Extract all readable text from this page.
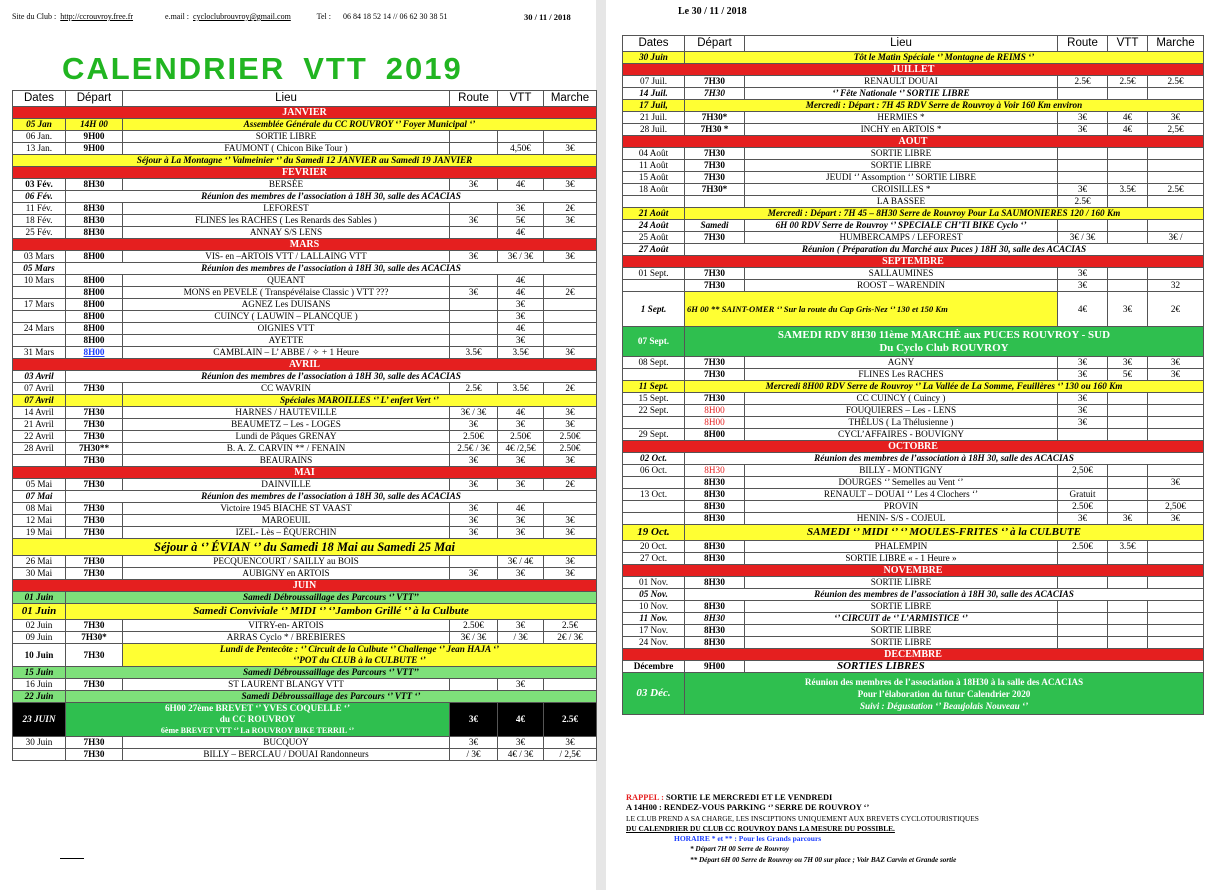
Site du Club : http://ccrouvroy.free.fr	e.mail : cycloclubrouvroy@gmail.com	Tel : 06 84 18 52 14 // 06 62 30 38 51	30 / 11 / 2018
CALENDRIER VTT 2019
Dates	Départ	Lieu	Route	VTT	Marche
JANVIER					
05 Jan	14H 00	Assemblée Générale du CC ROUVROY ‘’ Foyer Municipal ‘’			
06 Jan.	9H00	SORTIE LIBRE			
13 Jan.	9H00	FAUMONT ( Chicon Bike Tour )		4,50€	3€
Séjour à La Montagne ‘’ Valmeinier ‘’ du Samedi 12 JANVIER au Samedi 19 JANVIER					
FEVRIER					
03 Fév.	8H30	BERSÉE	3€	4€	3€
06 Fév.	Réunion des membres de l’association à 18H 30, salle des ACACIAS				
11 Fév.	8H30	LEFOREST		3€	2€
18 Fév.	8H30	FLINES les RACHES ( Les Renards des Sables )	3€	5€	3€
25 Fév.	8H30	ANNAY S/S LENS		4€	
MARS					
03 Mars	8H00	VIS- en –ARTOIS VTT / LALLAING VTT	3€	3€ / 3€	3€
05 Mars	Réunion des membres de l’association à 18H 30, salle des ACACIAS				
10 Mars	8H00	QUEANT		4€	
	8H00	MONS en PEVELE ( Transpévélaise Classic ) VTT ???	3€	4€	2€
17 Mars	8H00	AGNEZ Les DUISANS		3€	
	8H00	CUINCY ( LAUWIN – PLANCQUE )		3€	
24 Mars	8H00	OIGNIES VTT		4€	
	8H00	AYETTE		3€	
31 Mars	8H00	CAMBLAIN – L’ ABBE / ✧ + 1 Heure	3.5€	3.5€	3€
AVRIL					
03 Avril	Réunion des membres de l’association à 18H 30, salle des ACACIAS				
07 Avril	7H30	CC WAVRIN	2.5€	3.5€	2€
07 Avril		Spéciales MAROILLES ‘’ L’ enfert Vert ‘’			
14 Avril	7H30	HARNES / HAUTEVILLE	3€ / 3€	4€	3€
21 Avril	7H30	BEAUMETZ – Les - LOGES	3€	3€	3€
22 Avril	7H30	Lundi de Pâques GRENAY	2.50€	2.50€	2.50€
28 Avril	7H30**	B. A. Z. CARVIN ** / FENAIN	2.5€ / 3€	4€ /2,5€	2.50€
	7H30	BEAURAINS	3€	3€	3€
MAI					
05 Mai	7H30	DAINVILLE	3€	3€	2€
07 Mai	Réunion des membres de l’association à 18H 30, salle des ACACIAS				
08 Mai	7H30	Victoire 1945 BIACHE ST VAAST	3€	4€	
12 Mai	7H30	MAROEUIL	3€	3€	3€
19 Mai	7H30	IZEL- Lès – ÉQUERCHIN	3€	3€	3€
Séjour à ‘’ ÉVIAN ‘’ du Samedi 18 Mai au Samedi 25 Mai					
26 Mai	7H30	PECQUENCOURT / SAILLY au BOIS		3€ / 4€	3€
30 Mai	7H30	AUBIGNY en ARTOIS	3€	3€	3€
JUIN					
01 Juin	Samedi Débroussaillage des Parcours ‘’ VTT’’				
01 Juin	Samedi Conviviale ‘’ MIDI ‘’ ‘’Jambon Grillé ‘’ à la Culbute				
02 Juin	7H30	VITRY-en- ARTOIS	2.50€	3€	2.5€
09 Juin	7H30*	ARRAS Cyclo * / BREBIERES	3€ / 3€	/ 3€	2€ / 3€
10 Juin	7H30	Lundi de Pentecôte : ‘’ Circuit de la Culbute ‘’ Challenge ‘’ Jean HAJA ‘’
‘’POT du CLUB à la CULBUTE ‘’			

15 Juin	Samedi Débroussaillage des Parcours ‘’ VTT’’				
16 Juin	7H30	ST LAURENT BLANGY VTT		3€	
22 Juin	Samedi Débroussaillage des Parcours ‘’ VTT ‘’				
23 JUIN	6H00 27ème BREVET ‘’ YVES COQUELLE ‘’
du CC ROUVROY
6ème BREVET VTT ‘’ La ROUVROY BIKE TERRIL ‘’		3€	4€	2.5€
30 Juin	7H30	BUCQUOY	3€	3€	3€
	7H30	BILLY – BERCLAU / DOUAI Randonneurs	/ 3€	4€ / 3€	/ 2,5€
Le 30 / 11 / 2018
Dates	Départ	Lieu	Route	VTT	Marche
30 Juin	Tôt le Matin Spéciale ‘’ Montagne de REIMS ‘’				
JUILLET					
07 Juil.	7H30	RENAULT DOUAI	2.5€	2.5€	2.5€
14 Juil.	7H30	‘’ Fête Nationale ‘’ SORTIE LIBRE			
17 Juil,	Mercredi : Départ : 7H 45 RDV Serre de Rouvroy à Voir 160 Km environ				
21 Juil.	7H30*	HERMIES *	3€	4€	3€
28 Juil.	7H30 *	INCHY en ARTOIS *	3€	4€	2,5€
AOUT					
04 Août	7H30	SORTIE LIBRE			
11 Août	7H30	SORTIE LIBRE			
15 Août	7H30	JEUDI ‘’ Assomption ‘’ SORTIE LIBRE			
18 Août	7H30*	CROISILLES *	3€	3.5€	2.5€
		LA BASSEE	2.5€		
21 Août	Mercredi : Départ : 7H 45 – 8H30 Serre de Rouvroy Pour La SAUMONIERES 120 / 160 Km				
24 Août	Samedi	6H 00 RDV Serre de Rouvroy ‘’ SPECIALE CH’TI BIKE Cyclo ‘’			
25 Août	7H30	HUMBERCAMPS / LEFOREST	3€ / 3€		3€ /
27 Août	Réunion ( Préparation du Marché aux Puces ) 18H 30, salle des ACACIAS				
SEPTEMBRE					
01 Sept.	7H30	SALLAUMINES	3€		
	7H30	ROOST – WARENDIN	3€		32
1 Sept.	6H 00 ** SAINT-OMER ‘’ Sur la route du Cap Gris-Nez ‘’ 130 et 150 Km		4€	3€	2€
07 Sept.	SAMEDI RDV 8H30 11ème MARCHÈ aux PUCES ROUVROY - SUD
Du Cyclo Club ROUVROY				

08 Sept.	7H30	AGNY	3€	3€	3€
	7H30	FLINES Les RACHES	3€	5€	3€
11 Sept.	Mercredi 8H00 RDV Serre de Rouvroy ‘’ La Vallée de La Somme, Feuillères ‘’ 130 ou 160 Km				
15 Sept.	7H30	CC CUINCY ( Cuincy )	3€		
22 Sept.	8H00	FOUQUIERES – Les - LENS	3€		
	8H00	THÉLUS ( La Thélusienne )	3€		
29 Sept.	8H00	CYCL’AFFAIRES - BOUVIGNY			
OCTOBRE					
02 Oct.	Réunion des membres de l’association à 18H 30, salle des ACACIAS				
06 Oct.	8H30	BILLY - MONTIGNY	2,50€		
	8H30	DOURGES ‘’ Semelles au Vent ‘’			3€
13 Oct.	8H30	RENAULT – DOUAI ‘’ Les 4 Clochers ‘’	Gratuit		
	8H30	PROVIN	2.50€		2,50€
	8H30	HENIN- S/S - COJEUL	3€	3€	3€
19 Oct.	SAMEDI ‘’ MIDI ‘’ ‘’ MOULES-FRITES ‘’ à la CULBUTE				
20 Oct.	8H30	PHALEMPIN	2.50€	3.5€	
27 Oct.	8H30	SORTIE LIBRE « - 1 Heure »			
NOVEMBRE					
01 Nov.	8H30	SORTIE LIBRE			
05 Nov.	Réunion des membres de l’association à 18H 30, salle des ACACIAS				
10 Nov.	8H30	SORTIE LIBRE			
11 Nov.	8H30	‘’ CIRCUIT de ‘’ L’ARMISTICE ‘’			
17 Nov.	8H30	SORTIE LIBRE			
24 Nov.	8H30	SORTIE LIBRE			
DECEMBRE					
Décembre	9H00	SORTIES LIBRES			
03 Déc.	Réunion des membres de l’association à 18H30 à la salle des ACACIAS
Pour l’élaboration du futur Calendrier 2020
Suivi : Dégustation ‘’ Beaujolais Nouveau ‘’				
RAPPEL : SORTIE LE MERCREDI ET LE VENDREDI
A 14H00 : RENDEZ-VOUS PARKING ‘’ SERRE DE ROUVROY ‘’
LE CLUB PREND A SA CHARGE, LES INSCIPTIONS UNIQUEMENT AUX BREVETS CYCLOTOURISTIQUES
DU CALENDRIER DU CLUB CC ROUVROY DANS LA MESURE DU POSSIBLE.
HORAIRE * et ** : Pour les Grands parcours
* Départ 7H 00 Serre de Rouvroy
** Départ 6H 00 Serre de Rouvroy ou 7H 00 sur place ; Voir BAZ Carvin et Grande sortie
